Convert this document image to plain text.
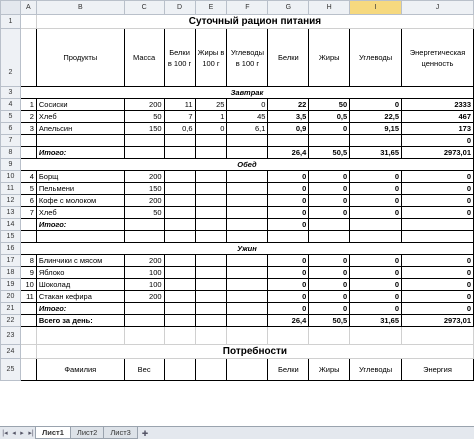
	A	B	C	D	E	F	G	H	I	J
1		Суточный рацион питания								

2		Продукты	Масса	Белки в 100 г	Жиры в 100 г	Углеводы в 100 г	Белки	Жиры	Углеводы	Энергетическая ценность
3	Завтрак									
4	1	Сосиски	200	11	25	0	22	50	0	2333
5	2	Хлеб	50	7	1	45	3,5	0,5	22,5	467
6	3	Апельсин	150	0,6	0	6,1	0,9	0	9,15	173
7										0
8		Итого:					26,4	50,5	31,65	2973,01
9	Обед									
10	4	Борщ	200				0	0	0	0
11	5	Пельмени	150				0	0	0	0
12	6	Кофе с молоком	200				0	0	0	0
13	7	Хлеб	50				0	0	0	0
14		Итого:					0			
15										
16	Ужин									
17	8	Блинчики с мясом	200				0	0	0	0
18	9	Яблоко	100				0	0	0	0
19	10	Шоколад	100				0	0	0	0
20	11	Стакан кефира	200				0	0	0	0
21		Итого:					0	0	0	0
22		Всего за день:					26,4	50,5	31,65	2973,01
23										
24		Потребности								
25		Фамилия	Вес				Белки	Жиры	Углеводы	Энергия
|◂ ◂ ▸ ▸|	Лист1	Лист2	Лист3	✚
